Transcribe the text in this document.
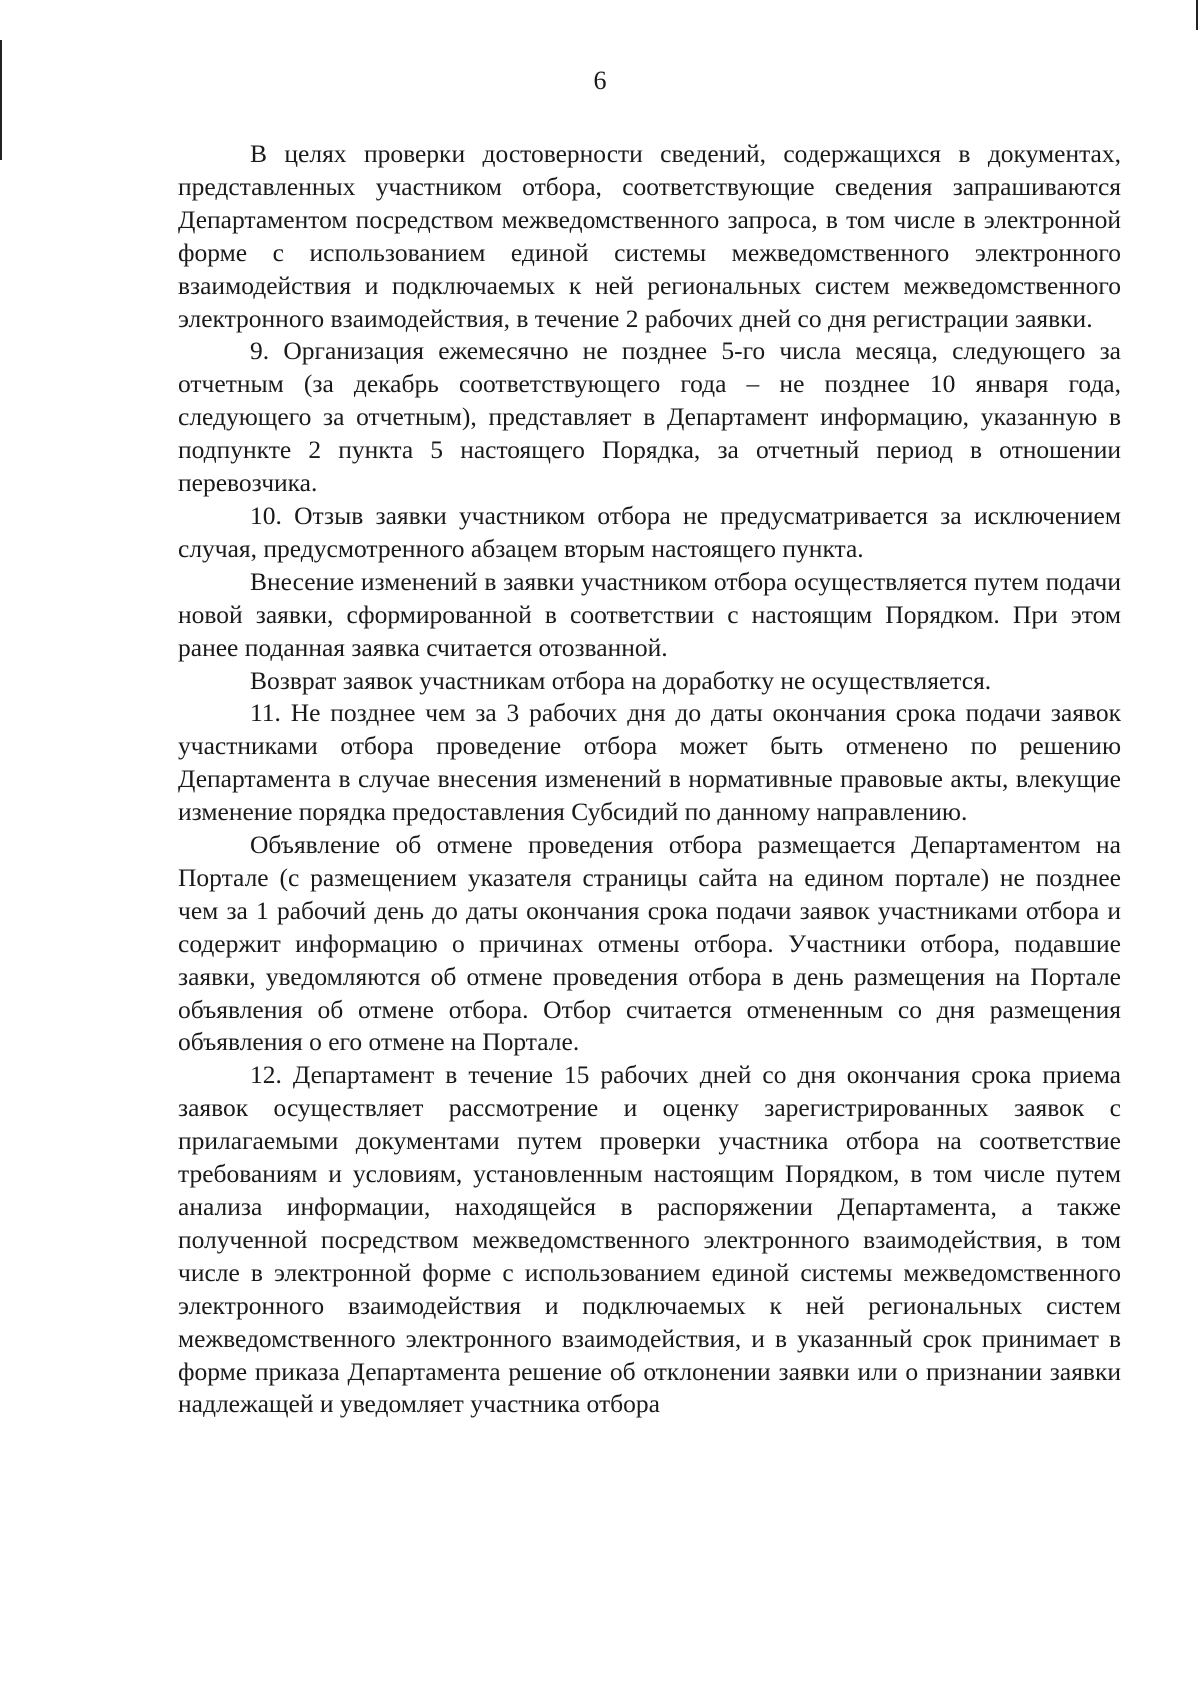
6

В целях проверки достоверности сведений, содержащихся в документах, представленных участником отбора, соответствующие сведения запрашиваются Департаментом посредством межведомственного запроса, в том числе в электронной форме с использованием единой системы межведомственного электронного взаимодействия и подключаемых к ней региональных систем межведомственного электронного взаимодействия, в течение 2 рабочих дней со дня регистрации заявки.

9. Организация ежемесячно не позднее 5-го числа месяца, следующего за отчетным (за декабрь соответствующего года – не позднее 10 января года, следующего за отчетным), представляет в Департамент информацию, указанную в подпункте 2 пункта 5 настоящего Порядка, за отчетный период в отношении перевозчика.

10. Отзыв заявки участником отбора не предусматривается за исключением случая, предусмотренного абзацем вторым настоящего пункта.

Внесение изменений в заявки участником отбора осуществляется путем подачи новой заявки, сформированной в соответствии с настоящим Порядком. При этом ранее поданная заявка считается отозванной.

Возврат заявок участникам отбора на доработку не осуществляется.

11. Не позднее чем за 3 рабочих дня до даты окончания срока подачи заявок участниками отбора проведение отбора может быть отменено по решению Департамента в случае внесения изменений в нормативные правовые акты, влекущие изменение порядка предоставления Субсидий по данному направлению.

Объявление об отмене проведения отбора размещается Департаментом на Портале (с размещением указателя страницы сайта на едином портале) не позднее чем за 1 рабочий день до даты окончания срока подачи заявок участниками отбора и содержит информацию о причинах отмены отбора. Участники отбора, подавшие заявки, уведомляются об отмене проведения отбора в день размещения на Портале объявления об отмене отбора. Отбор считается отмененным со дня размещения объявления о его отмене на Портале.

12. Департамент в течение 15 рабочих дней со дня окончания срока приема заявок осуществляет рассмотрение и оценку зарегистрированных заявок с прилагаемыми документами путем проверки участника отбора на соответствие требованиям и условиям, установленным настоящим Порядком, в том числе путем анализа информации, находящейся в распоряжении Департамента, а также полученной посредством межведомственного электронного взаимодействия, в том числе в электронной форме с использованием единой системы межведомственного электронного взаимодействия и подключаемых к ней региональных систем межведомственного электронного взаимодействия, и в указанный срок принимает в форме приказа Департамента решение об отклонении заявки или о признании заявки надлежащей и уведомляет участника отбора
